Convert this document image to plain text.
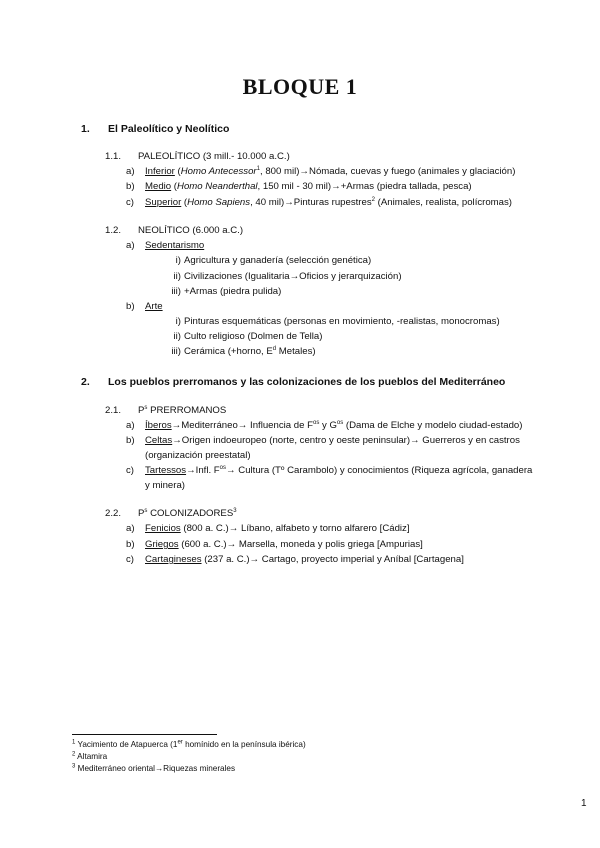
BLOQUE 1
1. El Paleolítico y Neolítico
1.1. PALEOLÍTICO (3 mill.- 10.000 a.C.)
a) Inferior (Homo Antecessor$^1$, 800 mil)→Nómada, cuevas y fuego (animales y glaciación)
b) Medio (Homo Neanderthal, 150 mil - 30 mil)→+Armas (piedra tallada, pesca)
c) Superior (Homo Sapiens, 40 mil)→Pinturas rupestres$^2$ (Animales, realista, polícromas)
1.2. NEOLÍTICO (6.000 a.C.)
a) Sedentarismo
i) Agricultura y ganadería (selección genética)
ii) Civilizaciones (Igualitaria→Oficios y jerarquización)
iii) +Armas (piedra pulida)
b) Arte
i) Pinturas esquemáticas (personas en movimiento, -realistas, monocromas)
ii) Culto religioso (Dolmen de Tella)
iii) Cerámica (+horno, $E^d$ Metales)
2. Los pueblos prerromanos y las colonizaciones de los pueblos del Mediterráneo
2.1. $P^s$ PRERROMANOS
a) Íberos→Mediterráneo→ Influencia de $F^{os}$ y $G^{os}$ (Dama de Elche y modelo ciudad-estado)
b) Celtas→Origen indoeuropeo (norte, centro y oeste peninsular)→ Guerreros y en castros
(organización preestatal)
c) Tartessos→Infl. $F^{os}\to$ Cultura (Tº Carambolo) y conocimientos (Riqueza agrícola, ganadera
y minera)
2.2. $P^s$ COLONIZADORES$^3$
a) Fenicios (800 a. C.)→ Líbano, alfabeto y torno alfarero [Cádiz]
b) Griegos (600 a. C.)→ Marsella, moneda y polis griega [Ampurias]
c) Cartagineses (237 a. C.)→ Cartago, proyecto imperial y Aníbal [Cartagena]
$^1$ Yacimiento de Atapuerca (1er homínido en la península ibérica)
$^2$ Altamira
$^3$ Mediterráneo oriental→Riquezas minerales
1
